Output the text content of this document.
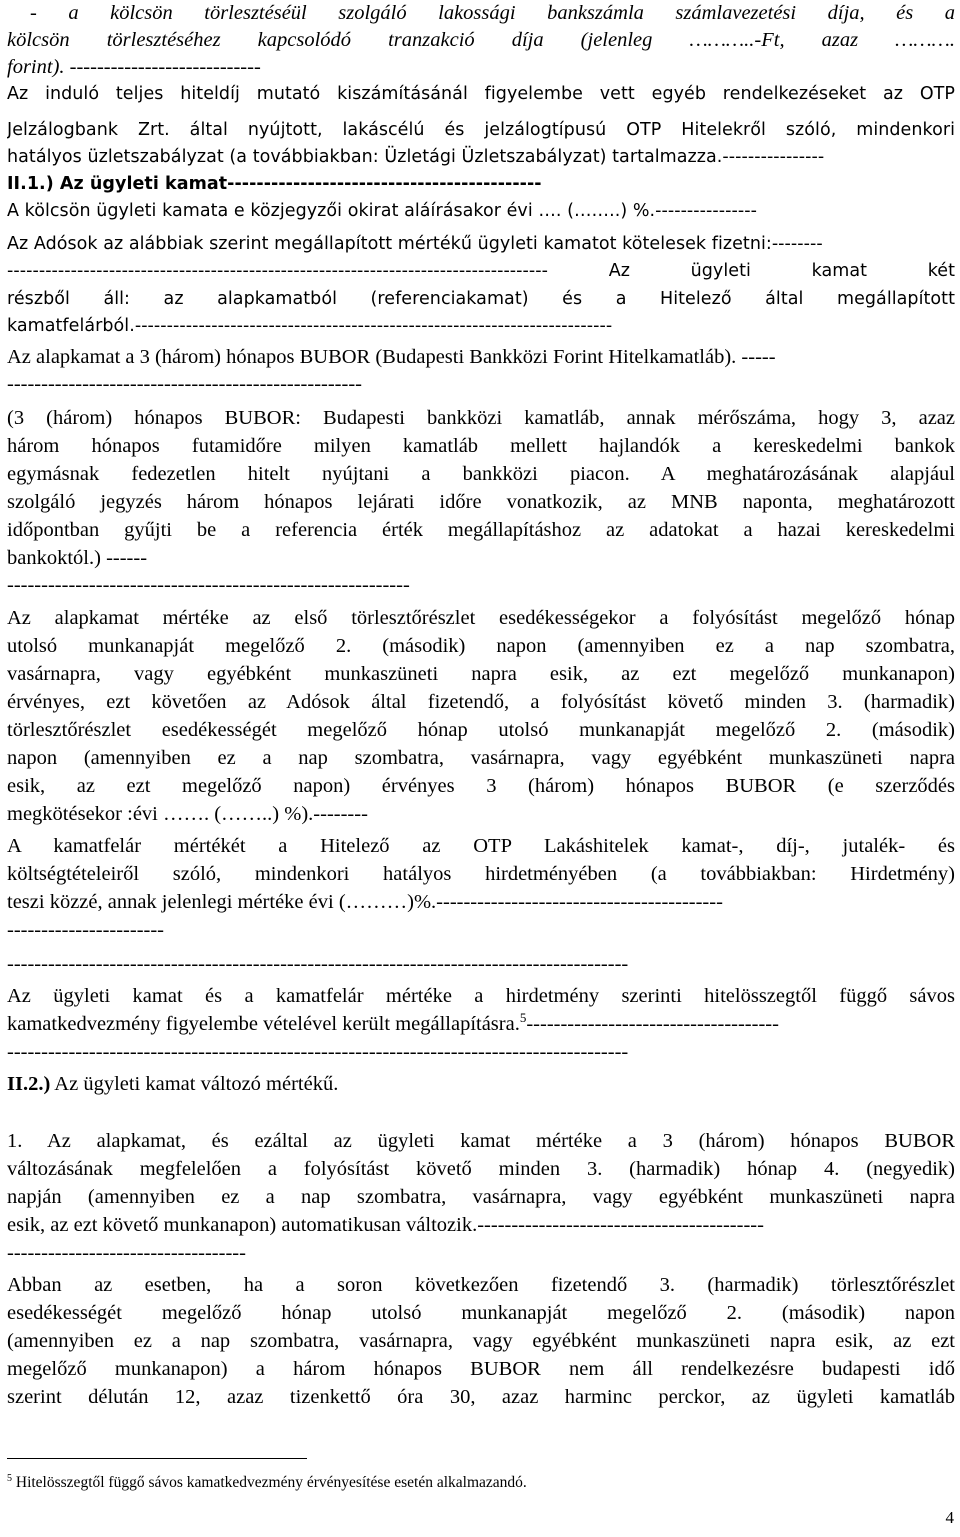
- a kölcsön törlesztéséül szolgáló lakossági bankszámla számlavezetési díja, és a
kölcsön törlesztéséhez kapcsolódó tranzakció díja (jelenleg ………..-Ft, azaz ……….
forint). ----------------------------
Az induló teljes hiteldíj mutató kiszámításánál figyelembe vett egyéb rendelkezéseket az OTP
Jelzálogbank Zrt. által nyújtott, lakáscélú és jelzálogtípusú OTP Hitelekről szóló, mindenkori
hatályos üzletszabályzat (a továbbiakban: Üzletági Üzletszabályzat) tartalmazza.----------------
II.1.) Az ügyleti kamat-------------------------------------------
A kölcsön ügyleti kamata e közjegyzői okirat aláírásakor évi …. (……..) %.----------------
Az Adósok az alábbiak szerint megállapított mértékű ügyleti kamatot kötelesek fizetni:--------
------------------------------------------------------------------------------------- Az ügyleti kamat két
részből áll: az alapkamatból (referenciakamat) és a Hitelező által megállapított
kamatfelárból.---------------------------------------------------------------------------
Az alapkamat a 3 (három) hónapos BUBOR (Budapesti Bankközi Forint Hitelkamatláb). -----
----------------------------------------------------
(3 (három) hónapos BUBOR: Budapesti bankközi kamatláb, annak mérőszáma, hogy 3, azaz
három hónapos futamidőre milyen kamatláb mellett hajlandók a kereskedelmi bankok
egymásnak fedezetlen hitelt nyújtani a bankközi piacon. A meghatározásának alapjául
szolgáló jegyzés három hónapos lejárati időre vonatkozik, az MNB naponta, meghatározott
időpontban gyűjti be a referencia érték megállapításhoz az adatokat a hazai kereskedelmi
bankoktól.) ------
-----------------------------------------------------------
Az alapkamat mértéke az első törlesztőrészlet esedékességekor a folyósítást megelőző hónap
utolsó munkanapját megelőző 2. (második) napon (amennyiben ez a nap szombatra,
vasárnapra, vagy egyébként munkaszüneti napra esik, az ezt megelőző munkanapon)
érvényes, ezt követően az Adósok által fizetendő, a folyósítást követő minden 3. (harmadik)
törlesztőrészlet esedékességét megelőző hónap utolsó munkanapját megelőző 2. (második)
napon (amennyiben ez a nap szombatra, vasárnapra, vagy egyébként munkaszüneti napra
esik, az ezt megelőző napon) érvényes 3 (három) hónapos BUBOR (e szerződés
megkötésekor :évi ……. (……..) %).--------
A kamatfelár mértékét a Hitelező az OTP Lakáshitelek kamat-, díj-, jutalék- és
költségtételeiről szóló, mindenkori hatályos hirdetményében (a továbbiakban: Hirdetmény)
teszi közzé, annak jelenlegi mértéke évi (………)%.------------------------------------------
-----------------------
-------------------------------------------------------------------------------------------
Az ügyleti kamat és a kamatfelár mértéke a hirdetmény szerinti hitelösszegtől függő sávos
kamatkedvezmény figyelembe vételével került megállapításra.$^5$-------------------------------------
-------------------------------------------------------------------------------------------
II.2.) Az ügyleti kamat változó mértékű.
1. Az alapkamat, és ezáltal az ügyleti kamat mértéke a 3 (három) hónapos BUBOR
változásának megfelelően a folyósítást követő minden 3. (harmadik) hónap 4. (negyedik)
napján (amennyiben ez a nap szombatra, vasárnapra, vagy egyébként munkaszüneti napra
esik, az ezt követő munkanapon) automatikusan változik.------------------------------------------
-----------------------------------
Abban az esetben, ha a soron következően fizetendő 3. (harmadik) törlesztőrészlet
esedékességét megelőző hónap utolsó munkanapját megelőző 2. (második) napon
(amennyiben ez a nap szombatra, vasárnapra, vagy egyébként munkaszüneti napra esik, az ezt
megelőző munkanapon) a három hónapos BUBOR nem áll rendelkezésre budapesti idő
szerint délután 12, azaz tizenkettő óra 30, azaz harminc perckor, az ügyleti kamatláb
$^5$ Hitelösszegtől függő sávos kamatkedvezmény érvényesítése esetén alkalmazandó.
4
